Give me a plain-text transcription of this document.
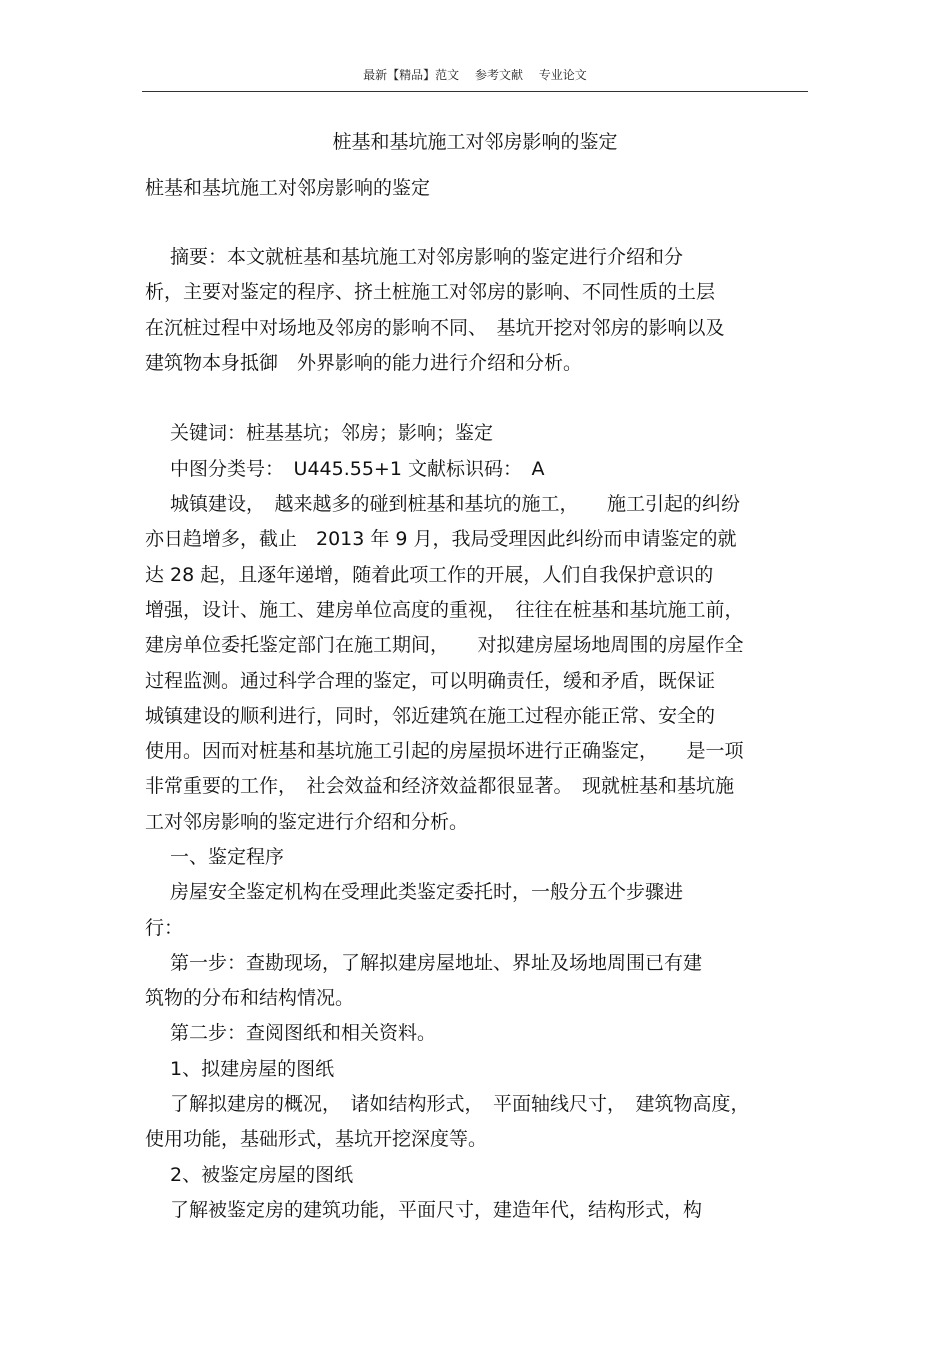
最新【精品】范文　 参考文献　 专业论文
桩基和基坑施工对邻房影响的鉴定
桩基和基坑施工对邻房影响的鉴定
　 摘要：本文就桩基和基坑施工对邻房影响的鉴定进行介绍和分
析，主要对鉴定的程序、挤土桩施工对邻房的影响、不同性质的土层
在沉桩过程中对场地及邻房的影响不同、　基坑开挖对邻房的影响以及
建筑物本身抵御　外界影响的能力进行介绍和分析。
　 关键词：桩基基坑；邻房；影响；鉴定
　 中图分类号：　U445.55+1 文献标识码：　A
　 城镇建设，　越来越多的碰到桩基和基坑的施工，　　施工引起的纠纷
亦日趋增多，截止　2013 年 9 月，我局受理因此纠纷而申请鉴定的就
达 28 起，且逐年递增，随着此项工作的开展，人们自我保护意识的
增强，设计、施工、建房单位高度的重视，　往往在桩基和基坑施工前，
建房单位委托鉴定部门在施工期间，　　对拟建房屋场地周围的房屋作全
过程监测。通过科学合理的鉴定，可以明确责任，缓和矛盾，既保证
城镇建设的顺利进行，同时，邻近建筑在施工过程亦能正常、安全的
使用。因而对桩基和基坑施工引起的房屋损坏进行正确鉴定，　　是一项
非常重要的工作，　社会效益和经济效益都很显著。　现就桩基和基坑施
工对邻房影响的鉴定进行介绍和分析。
　 一、鉴定程序
　 房屋安全鉴定机构在受理此类鉴定委托时，一般分五个步骤进
行：
　 第一步：查勘现场，了解拟建房屋地址、界址及场地周围已有建
筑物的分布和结构情况。
　 第二步：查阅图纸和相关资料。
　 1、拟建房屋的图纸
　 了解拟建房的概况，　诸如结构形式，　平面轴线尺寸，　建筑物高度，
使用功能，基础形式，基坑开挖深度等。
　 2、被鉴定房屋的图纸
　 了解被鉴定房的建筑功能，平面尺寸，建造年代，结构形式，构
